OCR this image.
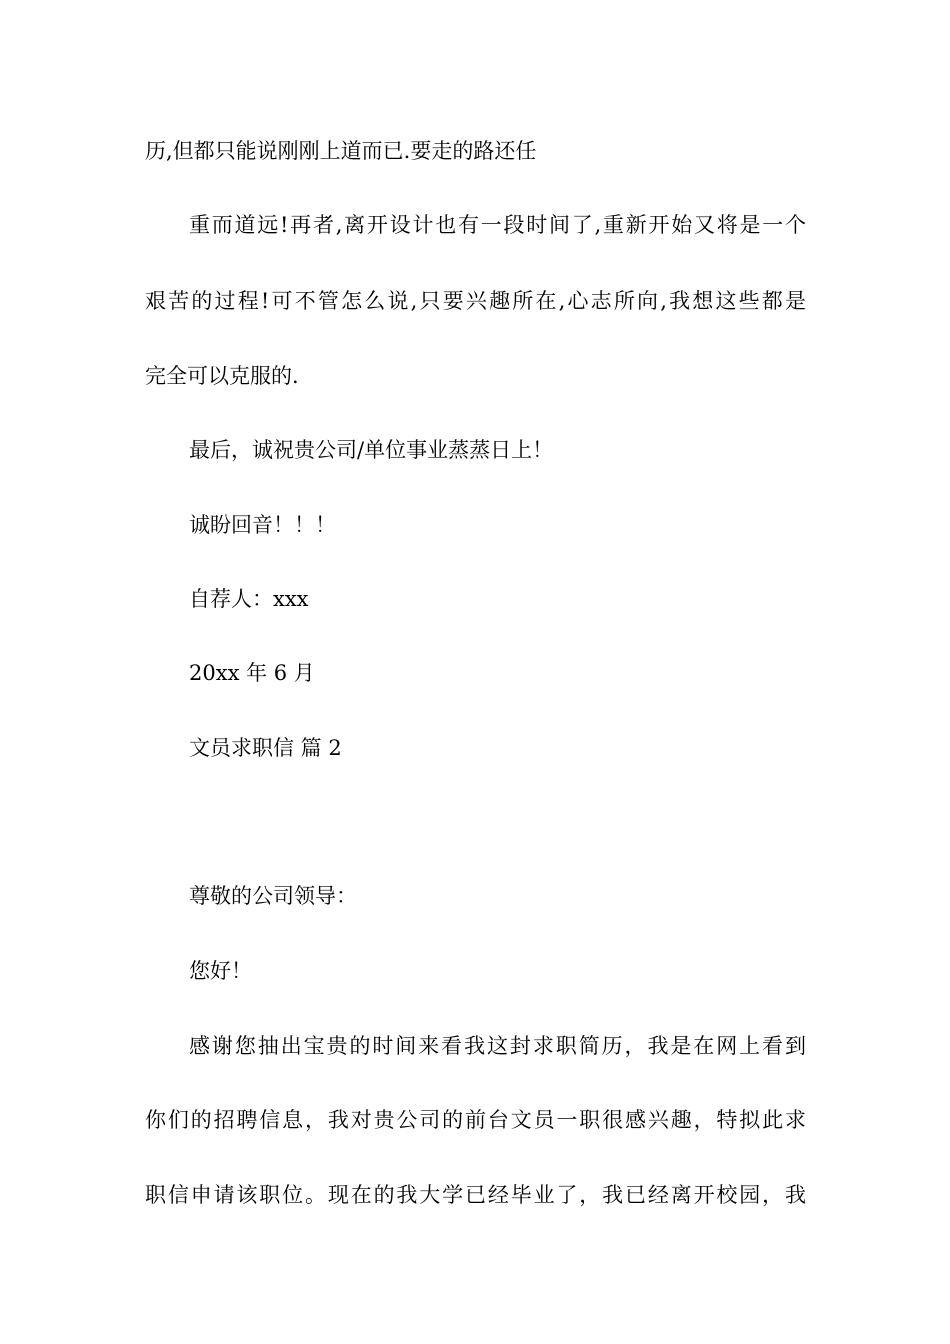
历,但都只能说刚刚上道而已.要走的路还任
重而道远!再者,离开设计也有一段时间了,重新开始又将是一个
艰苦的过程!可不管怎么说,只要兴趣所在,心志所向,我想这些都是
完全可以克服的.
最后，诚祝贵公司/单位事业蒸蒸日上！
诚盼回音！！！
自荐人：xxx
20xx 年 6 月
文员求职信 篇 2
尊敬的公司领导：
您好！
感谢您抽出宝贵的时间来看我这封求职简历，我是在网上看到
你们的招聘信息，我对贵公司的前台文员一职很感兴趣，特拟此求
职信申请该职位。现在的我大学已经毕业了，我已经离开校园，我
